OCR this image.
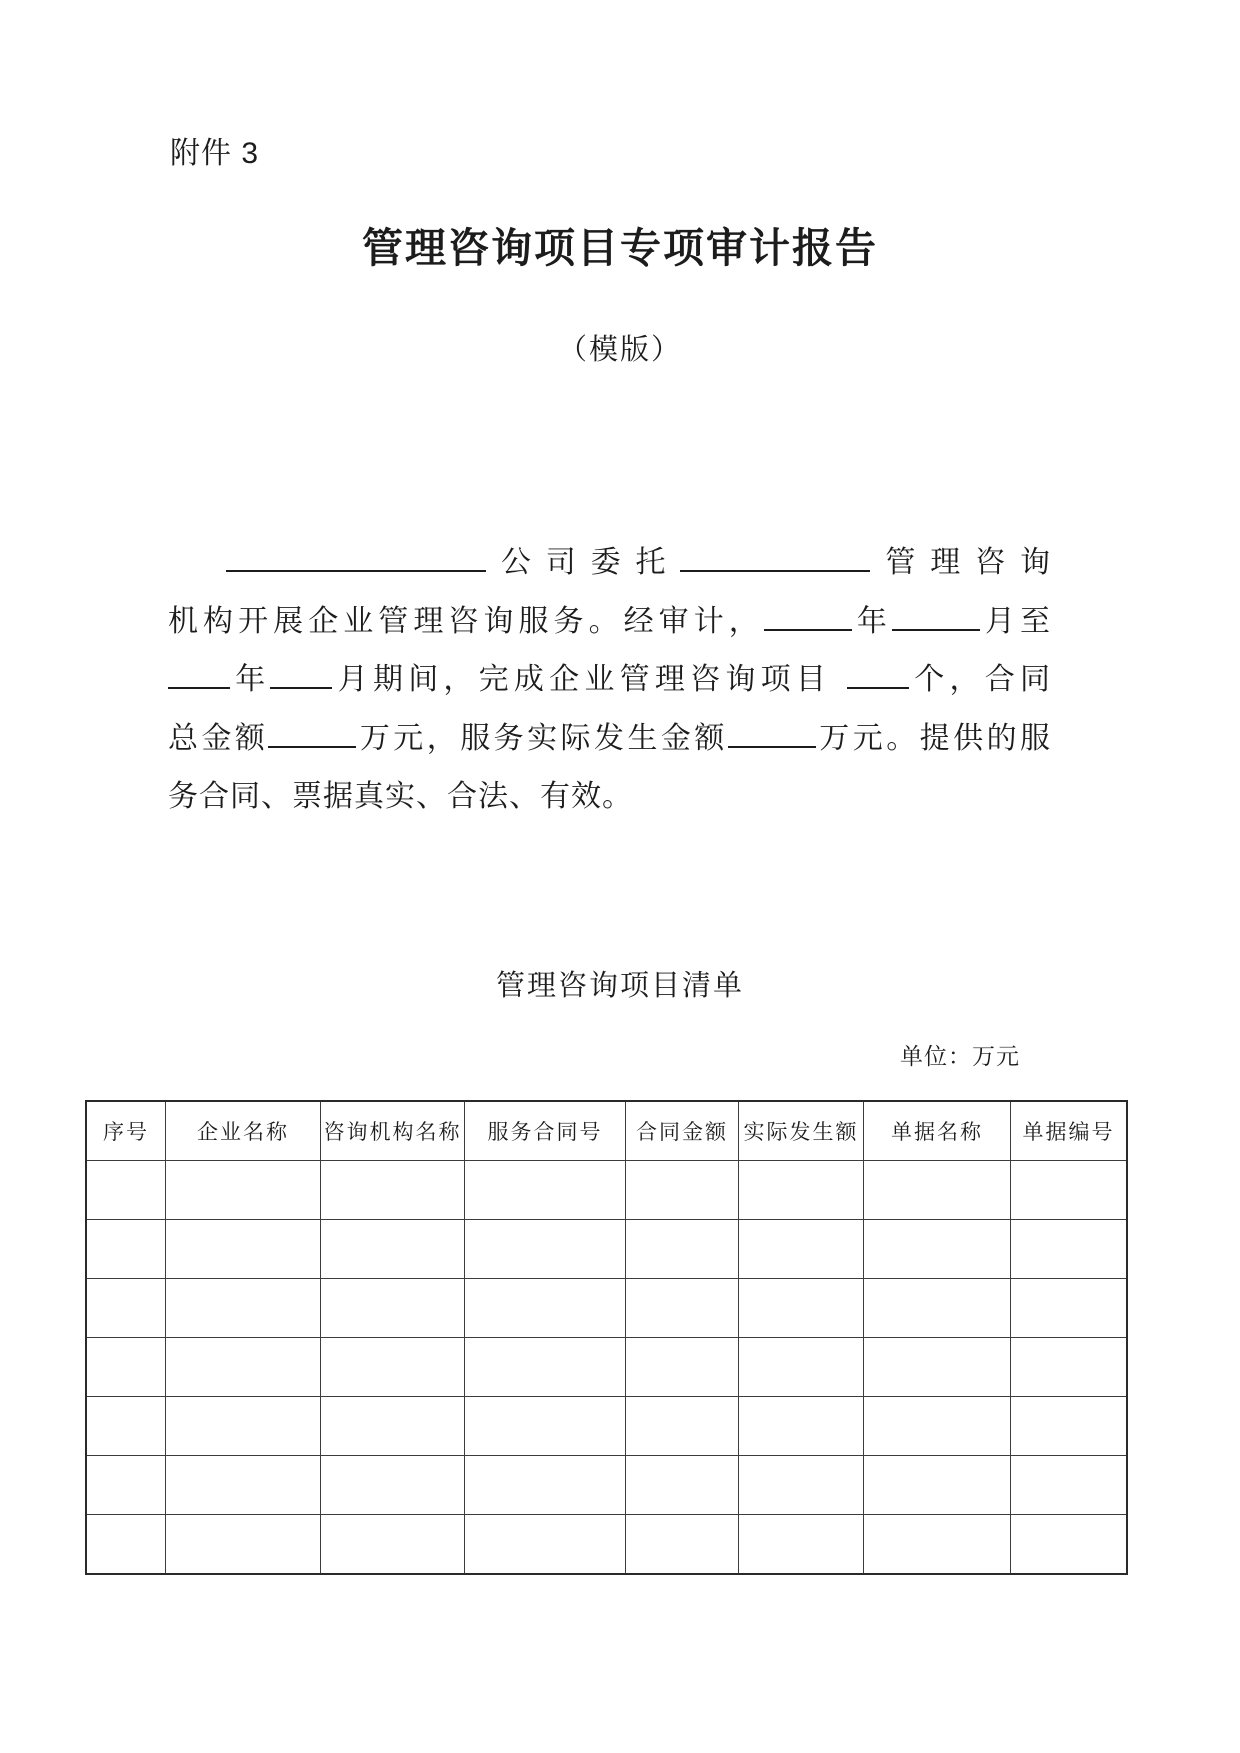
附件 3
管理咨询项目专项审计报告
（模版）
公司委托	管理咨询
机构开展企业管理咨询服务。经审计，	年	月至
年 月期间，完成企业管理咨询项目	个，合同
总金额	万元，服务实际发生金额	万元。提供的服
务合同、票据真实、合法、有效。
管理咨询项目清单
单位：万元
序号	企业名称	咨询机构名称	服务合同号	合同金额	实际发生额	单据名称	单据编号
